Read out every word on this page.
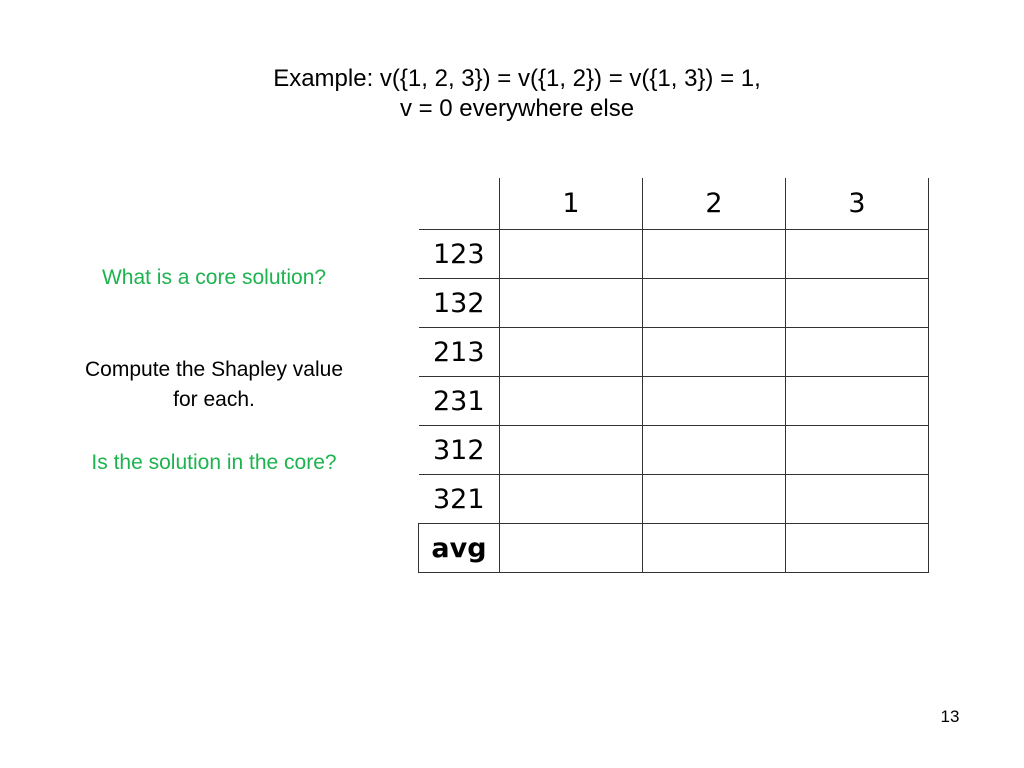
Example: v({1, 2, 3}) = v({1, 2}) = v({1, 3}) = 1,
v = 0 everywhere else
What is a core solution?
Compute the Shapley value for each.
Is the solution in the core?
	1	2	3
123			
132			
213			
231			
312			
321			
avg			
13
